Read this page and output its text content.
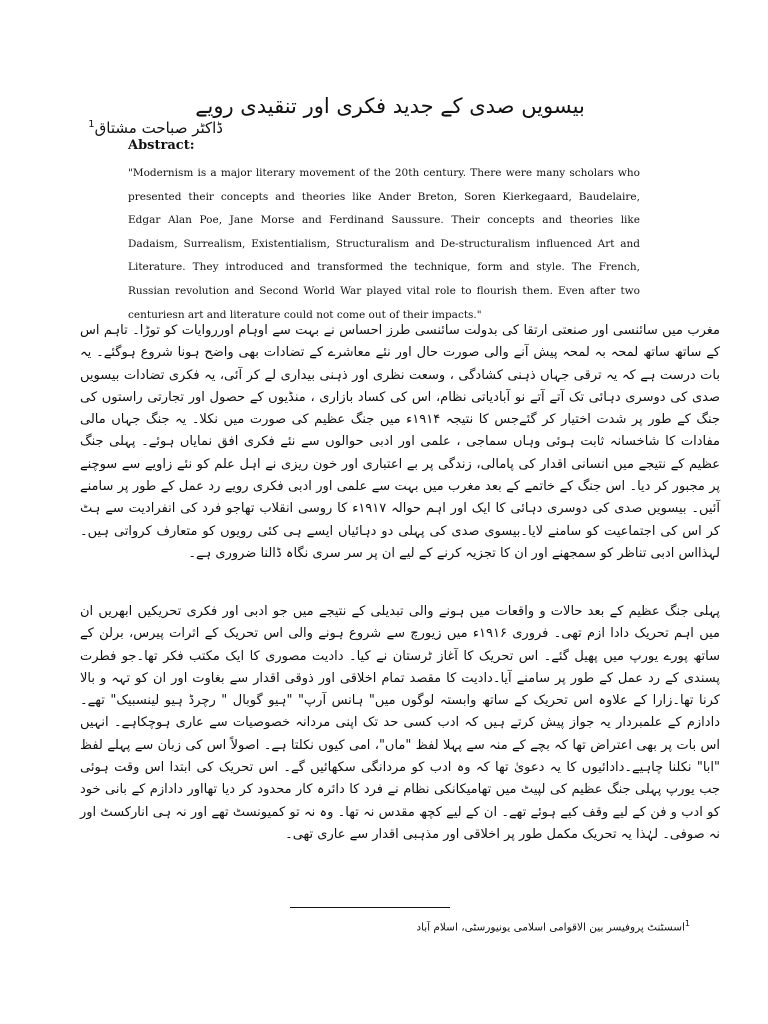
بیسویں صدی کے جدید فکری اور تنقیدی رویے
ڈاکٹر صباحت مشتاق$^1$
Abstract:
"Modernism is a major literary movement of the 20th century. There were many scholars who presented their concepts and theories like Ander Breton, Soren Kierkegaard, Baudelaire, Edgar Alan Poe, Jane Morse and Ferdinand Saussure. Their concepts and theories like Dadaism, Surrealism, Existentialism, Structuralism and De-structuralism influenced Art and Literature. They introduced and transformed the technique, form and style. The French, Russian revolution and Second World War played vital role to flourish them. Even after two centuriesn art and literature could not come out of their impacts."
مغرب میں سائنسی اور صنعتی ارتقا کی بدولت سائنسی طرز احساس نے بہت سے اوہام اورروایات کو توڑا۔ تاہم اس کے ساتھ ساتھ لمحہ بہ لمحہ پیش آنے والی صورت حال اور نئے معاشرے کے تضادات بھی واضح ہونا شروع ہوگئے۔ یہ بات درست ہے کہ یہ ترقی جہاں ذہنی کشادگی ، وسعت نظری اور ذہنی بیداری لے کر آئی، یہ فکری تضادات بیسویں صدی کی دوسری دہائی تک آتے آتے نو آبادیاتی نظام، اس کی کساد بازاری ، منڈیوں کے حصول اور تجارتی راستوں کی جنگ کے طور پر شدت اختیار کر گئےجس کا نتیجہ ۱۹۱۴ء میں جنگ عظیم کی صورت میں نکلا۔ یہ جنگ جہاں مالی مفادات کا شاخسانہ ثابت ہوئی وہاں سماجی ، علمی اور ادبی حوالوں سے نئے فکری افق نمایاں ہوئے۔ پہلی جنگ عظیم کے نتیجے میں انسانی اقدار کی پامالی، زندگی پر بے اعتباری اور خون ریزی نے اہل علم کو نئے زاویے سے سوچنے پر مجبور کر دیا۔ اس جنگ کے خاتمے کے بعد مغرب میں بہت سے علمی اور ادبی فکری رویے رد عمل کے طور پر سامنے آئیں۔ بیسویں صدی کی دوسری دہائی کا ایک اور اہم حوالہ ۱۹۱۷ء کا روسی انقلاب تھاجو فرد کی انفرادیت سے ہٹ کر اس کی اجتماعیت کو سامنے لایا۔بیسوی صدی کی پہلی دو دہائیاں ایسے ہی کئی رویوں کو متعارف کرواتی ہیں۔لہذااس ادبی تناظر کو سمجھنے اور ان کا تجزیہ کرنے کے لیے ان پر سر سری نگاہ ڈالنا ضروری ہے۔
پہلی جنگ عظیم کے بعد حالات و واقعات میں ہونے والی تبدیلی کے نتیجے میں جو ادبی اور فکری تحریکیں ابھریں ان میں اہم تحریک دادا ازم تھی۔ فروری ۱۹۱۶ء میں زیورچ سے شروع ہونے والی اس تحریک کے اثرات پیرس، برلن کے ساتھ پورے یورپ میں پھیل گئے۔ اس تحریک کا آغاز ٹرستان نے کیا۔ دادیت مصوری کا ایک مکتب فکر تھا۔جو فطرت پسندی کے رد عمل کے طور پر سامنے آیا۔دادیت کا مقصد تمام اخلاقی اور ذوقی اقدار سے بغاوت اور ان کو تہہ و بالا کرنا تھا۔زارا کے علاوہ اس تحریک کے ساتھ وابستہ لوگوں میں" ہانس آرپ" "ہیو گوبال " رچرڈ ہیو لینسبیک" تھے۔ دادازم کے علمبردار یہ جواز پیش کرتے ہیں کہ ادب کسی حد تک اپنی مردانہ خصوصیات سے عاری ہوچکاہے۔ انہیں اس بات پر بھی اعتراض تھا کہ بچے کے منہ سے پہلا لفظ "ماں"، امی کیوں نکلتا ہے۔ اصولاً اس کی زبان سے پہلے لفظ "ابا" نکلنا چاہیے۔دادائیوں کا یہ دعویٰ تھا کہ وہ ادب کو مردانگی سکھائیں گے۔ اس تحریک کی ابتدا اس وقت ہوئی جب یورپ پہلی جنگ عظیم کی لپیٹ میں تھامیکانکی نظام نے فرد کا دائرہ کار محدود کر دیا تھااور دادازم کے بانی خود کو ادب و فن کے لیے وقف کیے ہوئے تھے۔ ان کے لیے کچھ مقدس نہ تھا۔ وہ نہ تو کمیونسٹ تھے اور نہ ہی انارکسٹ اور نہ صوفی۔ لہٰذا یہ تحریک مکمل طور پر اخلاقی اور مذہبی اقدار سے عاری تھی۔
$^1$اسسٹنٹ پروفیسر بین الاقوامی اسلامی یونیورسٹی، اسلام آباد
